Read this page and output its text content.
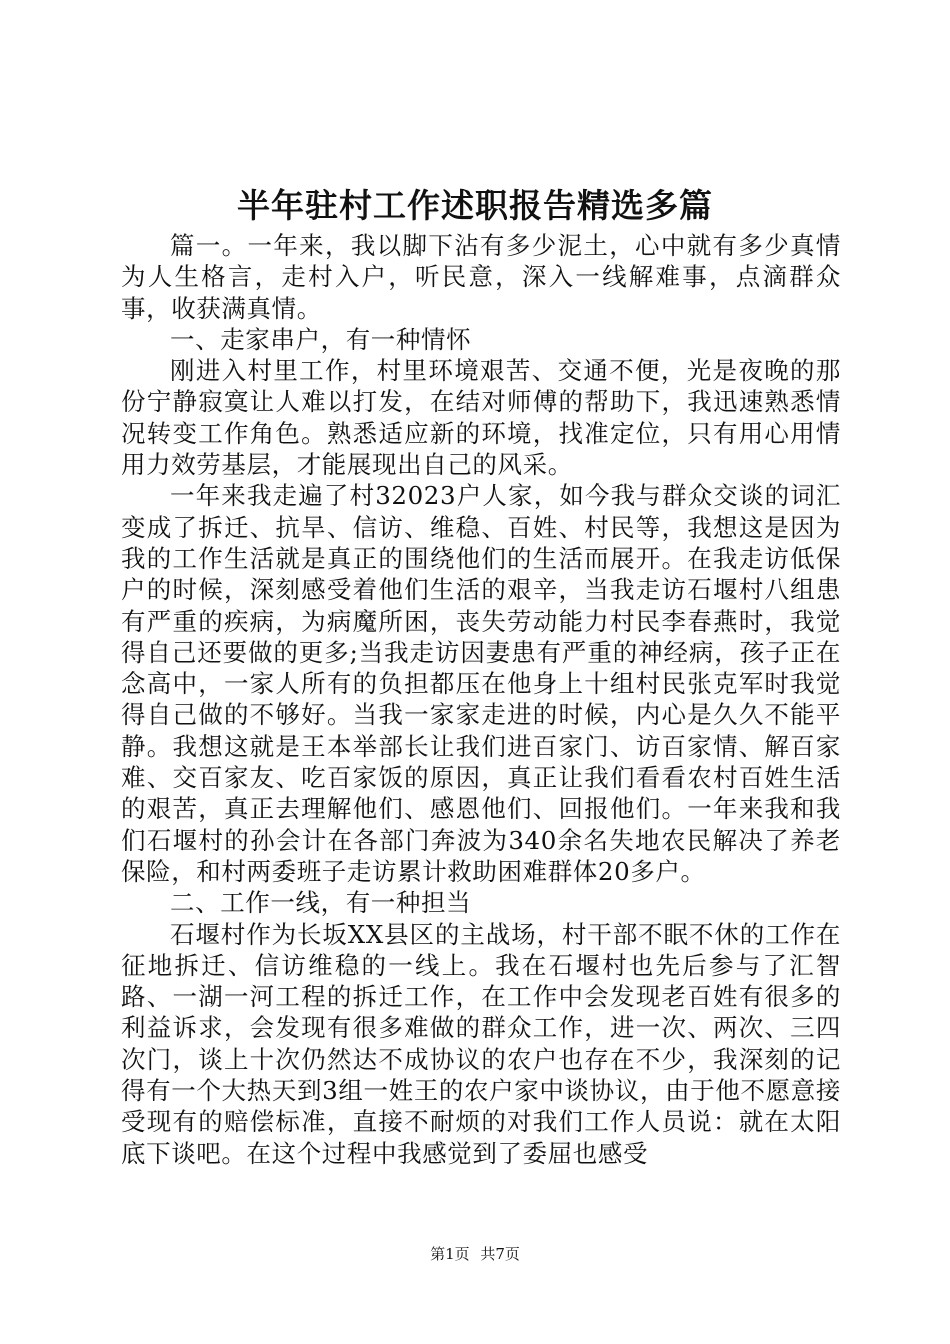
半年驻村工作述职报告精选多篇

篇一。一年来，我以脚下沾有多少泥土，心中就有多少真情为人生格言，走村入户，听民意，深入一线解难事，点滴群众事，收获满真情。

一、走家串户，有一种情怀

刚进入村里工作，村里环境艰苦、交通不便，光是夜晚的那份宁静寂寞让人难以打发，在结对师傅的帮助下，我迅速熟悉情况转变工作角色。熟悉适应新的环境，找准定位，只有用心用情用力效劳基层，才能展现出自己的风采。

一年来我走遍了村32023户人家，如今我与群众交谈的词汇变成了拆迁、抗旱、信访、维稳、百姓、村民等，我想这是因为我的工作生活就是真正的围绕他们的生活而展开。在我走访低保户的时候，深刻感受着他们生活的艰辛，当我走访石堰村八组患有严重的疾病，为病魔所困，丧失劳动能力村民李春燕时，我觉得自己还要做的更多;当我走访因妻患有严重的神经病，孩子正在念高中，一家人所有的负担都压在他身上十组村民张克军时我觉得自己做的不够好。当我一家家走进的时候，内心是久久不能平静。我想这就是王本举部长让我们进百家门、访百家情、解百家难、交百家友、吃百家饭的原因，真正让我们看看农村百姓生活的艰苦，真正去理解他们、感恩他们、回报他们。一年来我和我们石堰村的孙会计在各部门奔波为340余名失地农民解决了养老保险，和村两委班子走访累计救助困难群体20多户。

二、工作一线，有一种担当

石堰村作为长坂XX县区的主战场，村干部不眠不休的工作在征地拆迁、信访维稳的一线上。我在石堰村也先后参与了汇智路、一湖一河工程的拆迁工作，在工作中会发现老百姓有很多的利益诉求，会发现有很多难做的群众工作，进一次、两次、三四次门，谈上十次仍然达不成协议的农户也存在不少，我深刻的记得有一个大热天到3组一姓王的农户家中谈协议，由于他不愿意接受现有的赔偿标准，直接不耐烦的对我们工作人员说：就在太阳底下谈吧。在这个过程中我感觉到了委屈也感受

第1页 共7页
